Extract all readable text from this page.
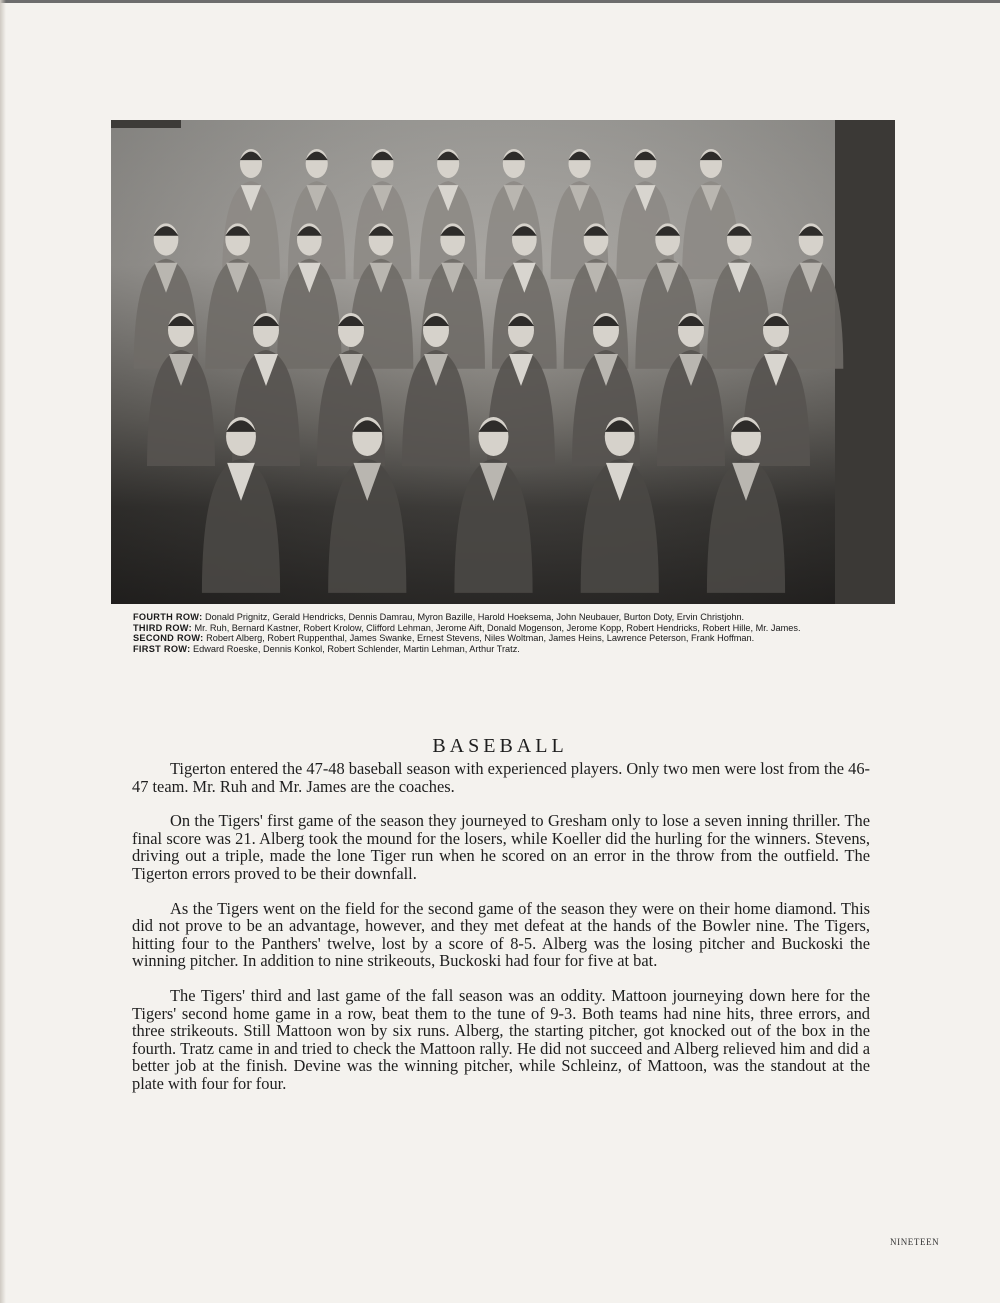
FOURTH ROW: Donald Prignitz, Gerald Hendricks, Dennis Damrau, Myron Bazille, Harold Hoeksema, John Neubauer, Burton Doty, Ervin Christjohn.

THIRD ROW: Mr. Ruh, Bernard Kastner, Robert Krolow, Clifford Lehman, Jerome Aift, Donald Mogenson, Jerome Kopp, Robert Hendricks, Robert Hille, Mr. James.

SECOND ROW: Robert Alberg, Robert Ruppenthal, James Swanke, Ernest Stevens, Niles Woltman, James Heins, Lawrence Peterson, Frank Hoffman.

FIRST ROW: Edward Roeske, Dennis Konkol, Robert Schlender, Martin Lehman, Arthur Tratz.

BASEBALL

Tigerton entered the 47-48 baseball season with experienced players. Only two men were lost from the 46-47 team. Mr. Ruh and Mr. James are the coaches.

On the Tigers' first game of the season they journeyed to Gresham only to lose a seven inning thriller. The final score was 21. Alberg took the mound for the losers, while Koeller did the hurling for the winners. Stevens, driving out a triple, made the lone Tiger run when he scored on an error in the throw from the outfield. The Tigerton errors proved to be their downfall.

As the Tigers went on the field for the second game of the season they were on their home diamond. This did not prove to be an advantage, however, and they met defeat at the hands of the Bowler nine. The Tigers, hitting four to the Panthers' twelve, lost by a score of 8-5. Alberg was the losing pitcher and Buckoski the winning pitcher. In addition to nine strikeouts, Buckoski had four for five at bat.

The Tigers' third and last game of the fall season was an oddity. Mattoon journeying down here for the Tigers' second home game in a row, beat them to the tune of 9-3. Both teams had nine hits, three errors, and three strikeouts. Still Mattoon won by six runs. Alberg, the starting pitcher, got knocked out of the box in the fourth. Tratz came in and tried to check the Mattoon rally. He did not succeed and Alberg relieved him and did a better job at the finish. Devine was the winning pitcher, while Schleinz, of Mattoon, was the standout at the plate with four for four.

NINETEEN
